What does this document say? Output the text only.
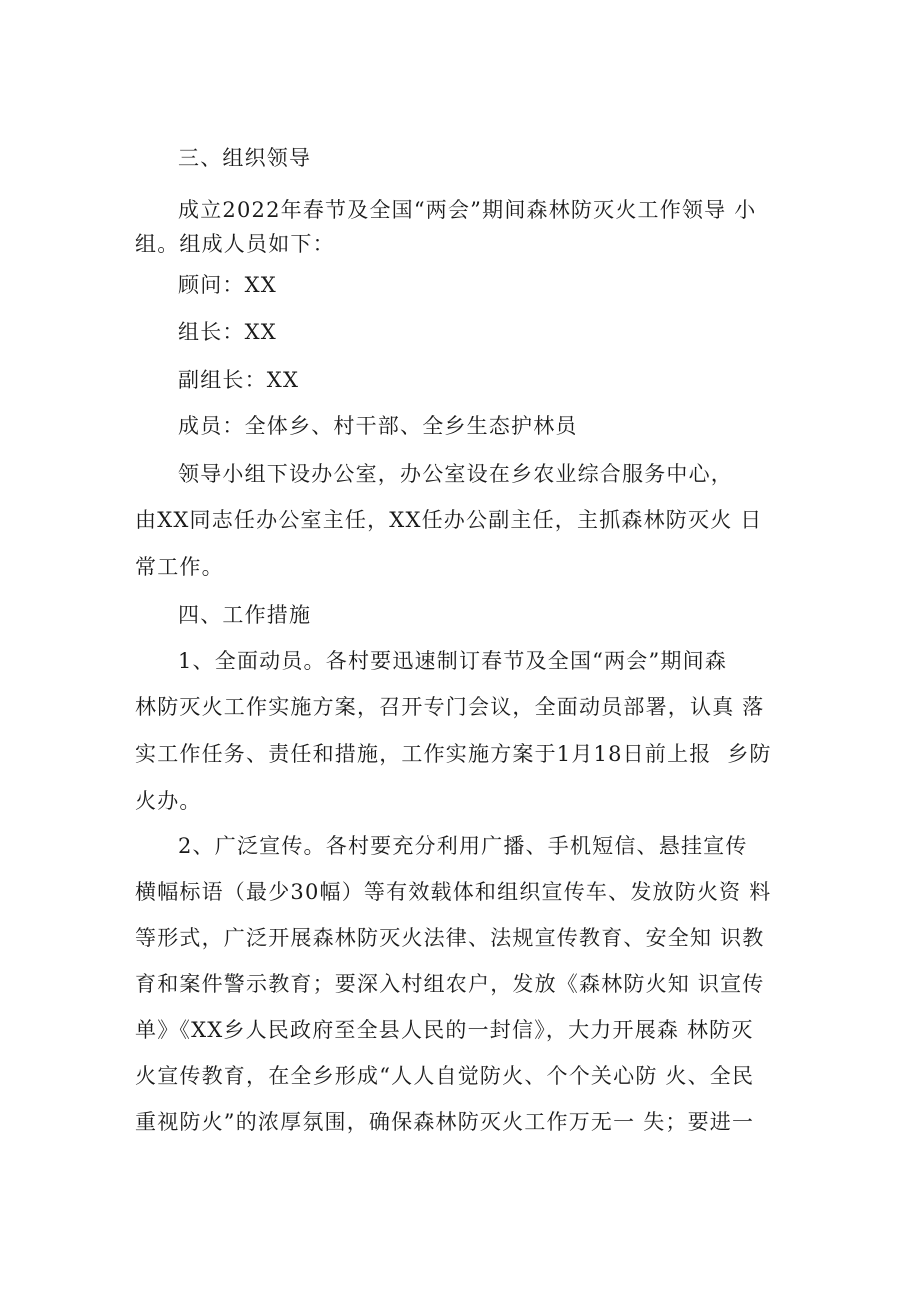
三、组织领导

成立2022年春节及全国“两会”期间森林防灭火工作领导 小

组。组成人员如下：

顾问：XX

组长：XX

副组长：XX

成员：全体乡、村干部、全乡生态护林员

领导小组下设办公室，办公室设在乡农业综合服务中心，

由XX同志任办公室主任，XX任办公副主任，主抓森林防灭火 日

常工作。

四、工作措施

1、全面动员。各村要迅速制订春节及全国“两会”期间森

林防灭火工作实施方案，召开专门会议，全面动员部署，认真 落

实工作任务、责任和措施，工作实施方案于1月18日前上报  乡防

火办。

2、广泛宣传。各村要充分利用广播、手机短信、悬挂宣传

横幅标语（最少30幅）等有效载体和组织宣传车、发放防火资 料

等形式，广泛开展森林防灭火法律、法规宣传教育、安全知 识教

育和案件警示教育；要深入村组农户，发放《森林防火知 识宣传

单》《XX乡人民政府至全县人民的一封信》，大力开展森 林防灭

火宣传教育，在全乡形成“人人自觉防火、个个关心防 火、全民

重视防火”的浓厚氛围，确保森林防灭火工作万无一 失；要进一
